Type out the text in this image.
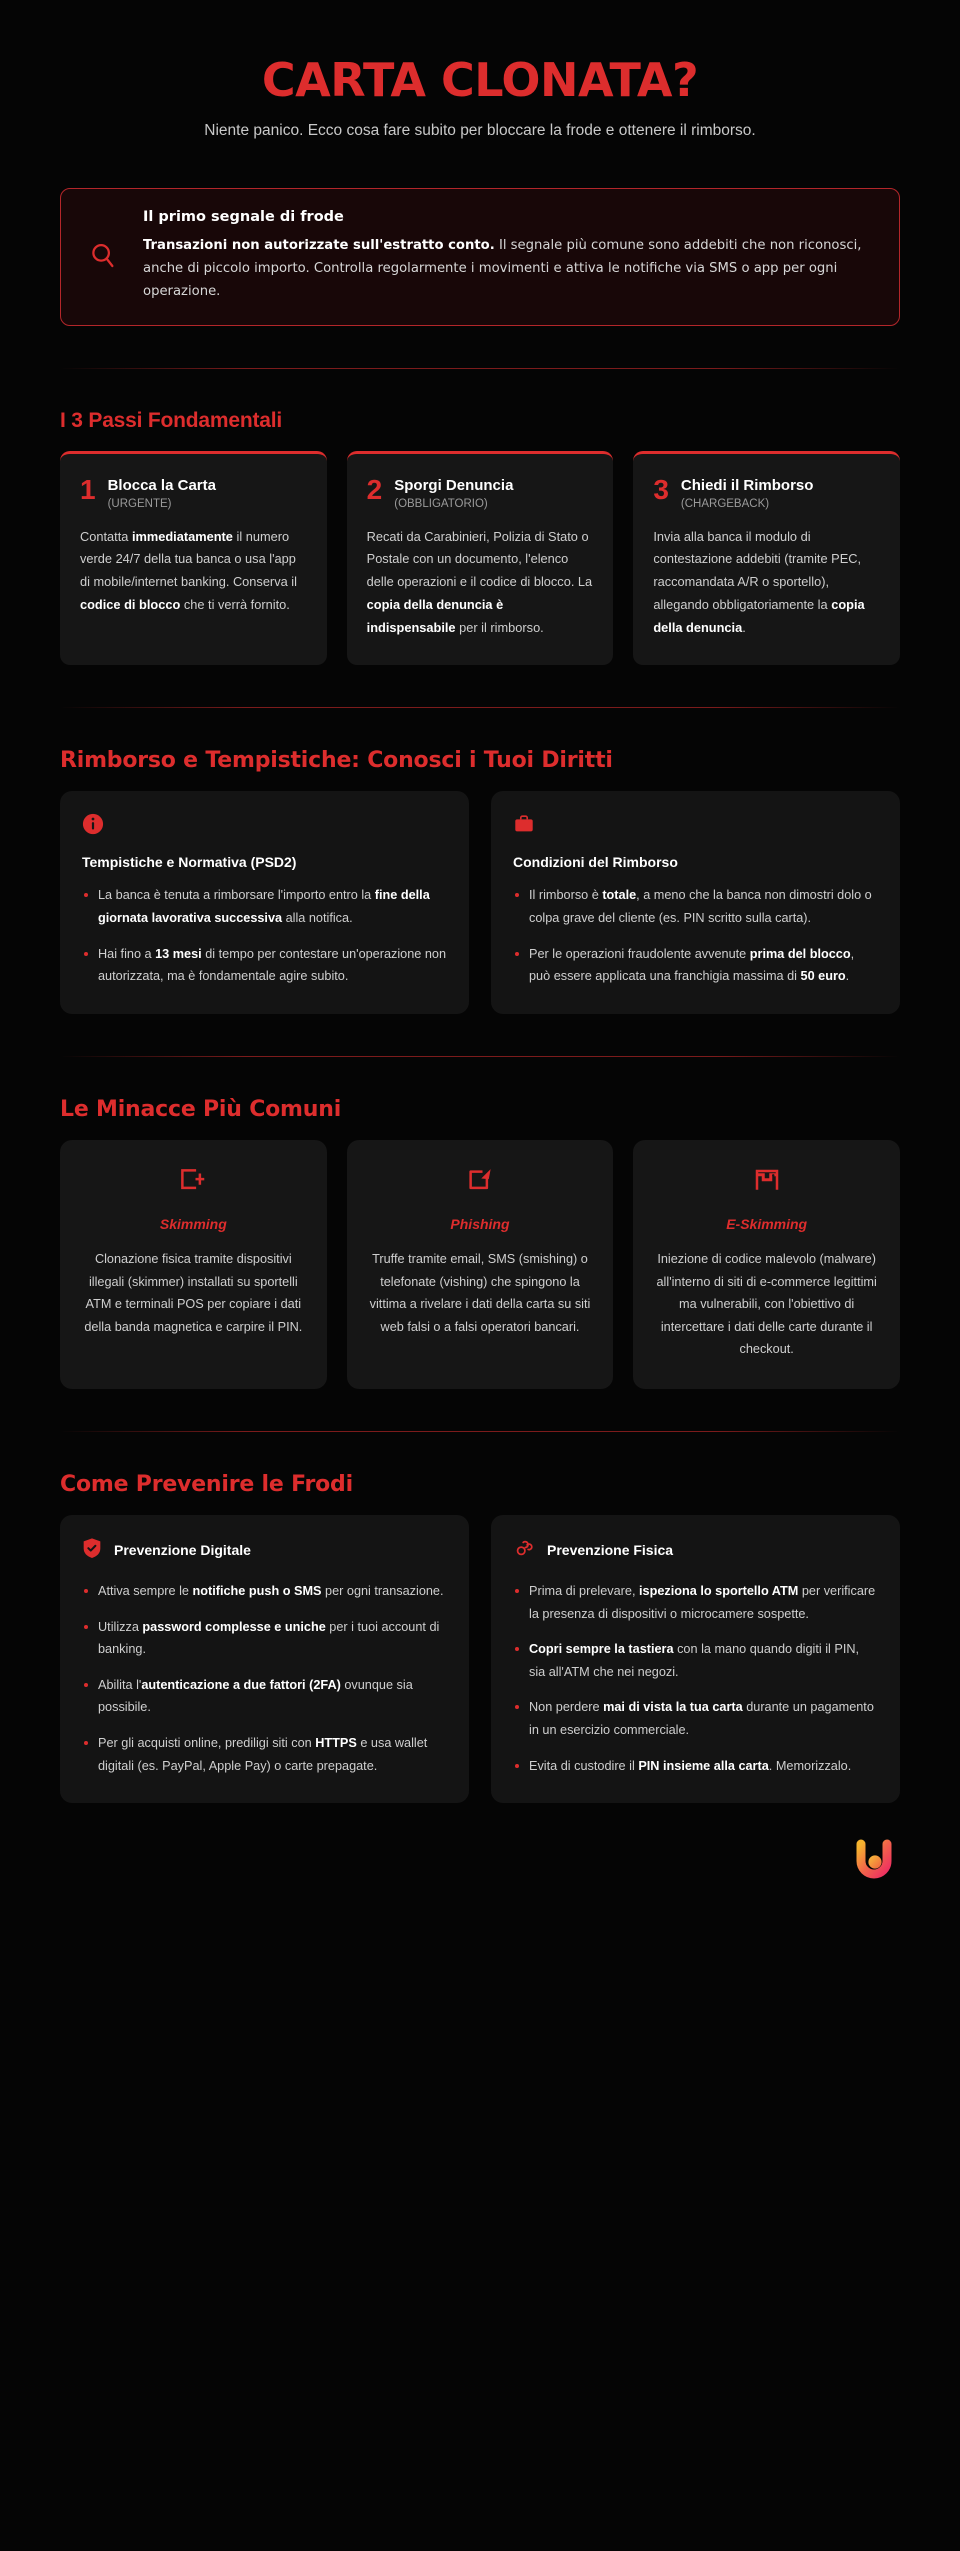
CARTA CLONATA?

Niente panico. Ecco cosa fare subito per bloccare la frode e ottenere il rimborso.

Il primo segnale di frode
Transazioni non autorizzate sull'estratto conto. Il segnale più comune sono addebiti che non riconosci, anche di piccolo importo. Controlla regolarmente i movimenti e attiva le notifiche via SMS o app per ogni operazione.
I 3 Passi Fondamentali
1 Blocca la Carta
(URGENTE)
Contatta immediatamente il numero verde 24/7 della tua banca o usa l'app di mobile/internet banking. Conserva il codice di blocco che ti verrà fornito.
2 Sporgi Denuncia
(OBBLIGATORIO)
Recati da Carabinieri, Polizia di Stato o Postale con un documento, l'elenco delle operazioni e il codice di blocco. La copia della denuncia è indispensabile per il rimborso.
3 Chiedi il Rimborso
(CHARGEBACK)
Invia alla banca il modulo di contestazione addebiti (tramite PEC, raccomandata A/R o sportello), allegando obbligatoriamente la copia della denuncia.
Rimborso e Tempistiche: Conosci i Tuoi Diritti
Tempistiche e Normativa (PSD2)
La banca è tenuta a rimborsare l'importo entro la fine della giornata lavorativa successiva alla notifica.
Hai fino a 13 mesi di tempo per contestare un'operazione non autorizzata, ma è fondamentale agire subito.
Condizioni del Rimborso
Il rimborso è totale, a meno che la banca non dimostri dolo o colpa grave del cliente (es. PIN scritto sulla carta).
Per le operazioni fraudolente avvenute prima del blocco, può essere applicata una franchigia massima di 50 euro.
Le Minacce Più Comuni
Skimming
Clonazione fisica tramite dispositivi illegali (skimmer) installati su sportelli ATM e terminali POS per copiare i dati della banda magnetica e carpire il PIN.
Phishing
Truffe tramite email, SMS (smishing) o telefonate (vishing) che spingono la vittima a rivelare i dati della carta su siti web falsi o a falsi operatori bancari.
E-Skimming
Iniezione di codice malevolo (malware) all'interno di siti di e-commerce legittimi ma vulnerabili, con l'obiettivo di intercettare i dati delle carte durante il checkout.
Come Prevenire le Frodi
Prevenzione Digitale
Attiva sempre le notifiche push o SMS per ogni transazione.
Utilizza password complesse e uniche per i tuoi account di banking.
Abilita l'autenticazione a due fattori (2FA) ovunque sia possibile.
Per gli acquisti online, prediligi siti con HTTPS e usa wallet digitali (es. PayPal, Apple Pay) o carte prepagate.
Prevenzione Fisica
Prima di prelevare, ispeziona lo sportello ATM per verificare la presenza di dispositivi o microcamere sospette.
Copri sempre la tastiera con la mano quando digiti il PIN, sia all'ATM che nei negozi.
Non perdere mai di vista la tua carta durante un pagamento in un esercizio commerciale.
Evita di custodire il PIN insieme alla carta. Memorizzalo.
